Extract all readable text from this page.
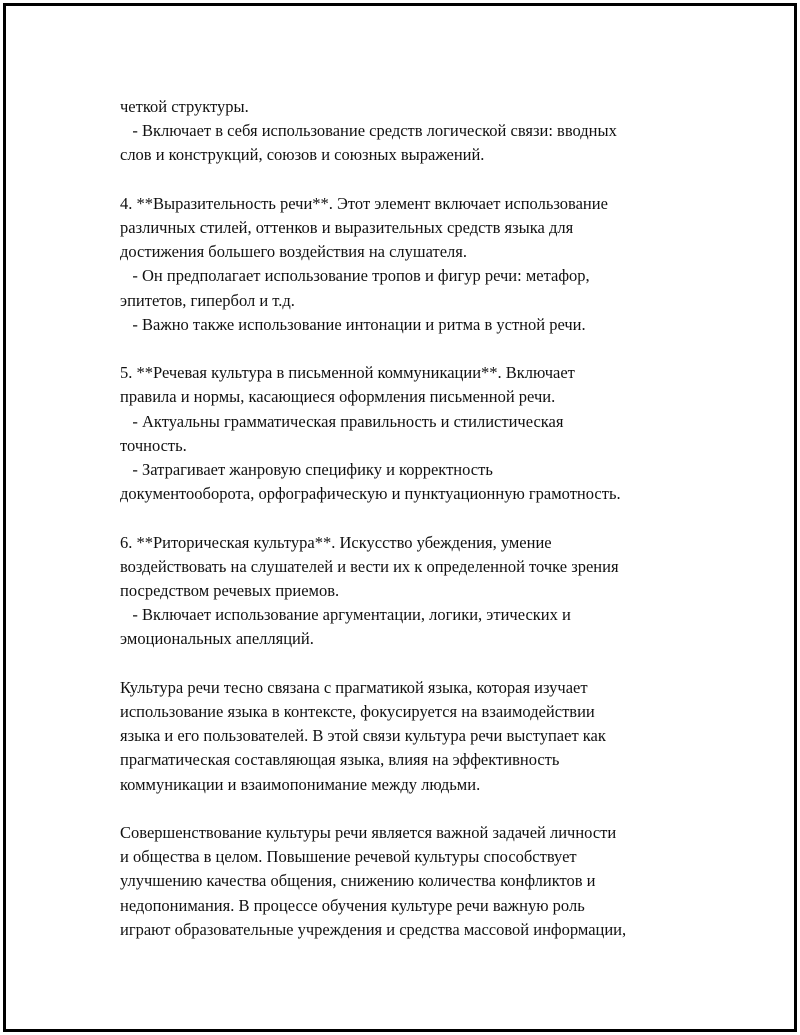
четкой структуры.
- Включает в себя использование средств логической связи: вводных
слов и конструкций, союзов и союзных выражений.
4. **Выразительность речи**. Этот элемент включает использование
различных стилей, оттенков и выразительных средств языка для
достижения большего воздействия на слушателя.
- Он предполагает использование тропов и фигур речи: метафор,
эпитетов, гипербол и т.д.
- Важно также использование интонации и ритма в устной речи.
5. **Речевая культура в письменной коммуникации**. Включает
правила и нормы, касающиеся оформления письменной речи.
- Актуальны грамматическая правильность и стилистическая
точность.
- Затрагивает жанровую специфику и корректность
документооборота, орфографическую и пунктуационную грамотность.
6. **Риторическая культура**. Искусство убеждения, умение
воздействовать на слушателей и вести их к определенной точке зрения
посредством речевых приемов.
- Включает использование аргументации, логики, этических и
эмоциональных апелляций.
Культура речи тесно связана с прагматикой языка, которая изучает
использование языка в контексте, фокусируется на взаимодействии
языка и его пользователей. В этой связи культура речи выступает как
прагматическая составляющая языка, влияя на эффективность
коммуникации и взаимопонимание между людьми.
Совершенствование культуры речи является важной задачей личности
и общества в целом. Повышение речевой культуры способствует
улучшению качества общения, снижению количества конфликтов и
недопонимания. В процессе обучения культуре речи важную роль
играют образовательные учреждения и средства массовой информации,
